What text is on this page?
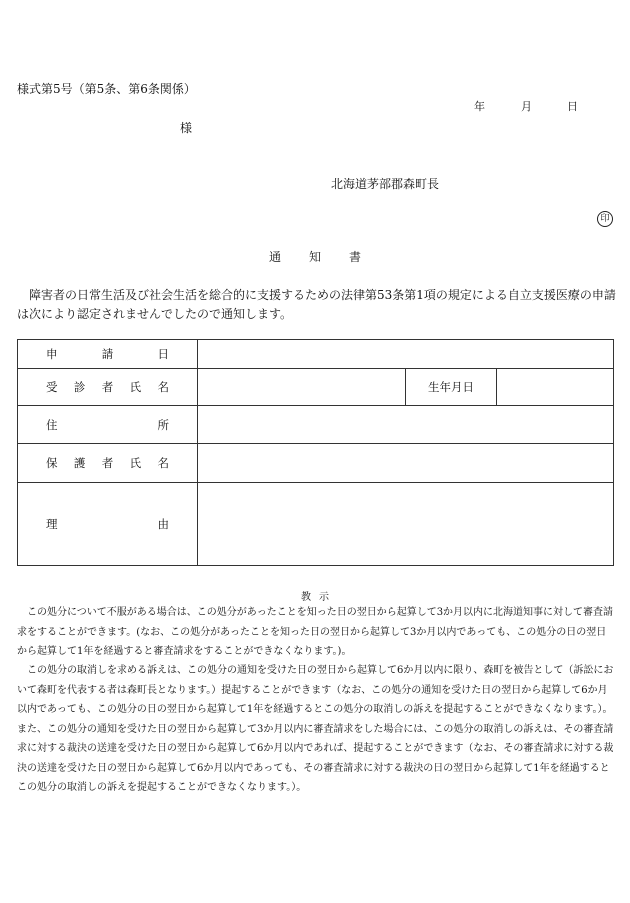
様式第5号（第5条、第6条関係）
年	月	日
様
北海道茅部郡森町長
印
通知書
障害者の日常生活及び社会生活を総合的に支援するための法律第53条第1項の規定による自立支援医療の申請は次により認定されませんでしたので通知します。
申 請 日			

受 診 者 氏 名		生年月日	

住 所			

保 護 者 氏 名			

理 由			

教示
この処分について不服がある場合は、この処分があったことを知った日の翌日から起算して3か月以内に北海道知事に対して審査請求をすることができます。(なお、この処分があったことを知った日の翌日から起算して3か月以内であっても、この処分の日の翌日から起算して1年を経過すると審査請求をすることができなくなります。)。
この処分の取消しを求める訴えは、この処分の通知を受けた日の翌日から起算して6か月以内に限り、森町を被告として（訴訟において森町を代表する者は森町長となります。）提起することができます（なお、この処分の通知を受けた日の翌日から起算して6か月以内であっても、この処分の日の翌日から起算して1年を経過するとこの処分の取消しの訴えを提起することができなくなります。）。また、この処分の通知を受けた日の翌日から起算して3か月以内に審査請求をした場合には、この処分の取消しの訴えは、その審査請求に対する裁決の送達を受けた日の翌日から起算して6か月以内であれば、提起することができます（なお、その審査請求に対する裁決の送達を受けた日の翌日から起算して6か月以内であっても、その審査請求に対する裁決の日の翌日から起算して1年を経過するとこの処分の取消しの訴えを提起することができなくなります。）。
